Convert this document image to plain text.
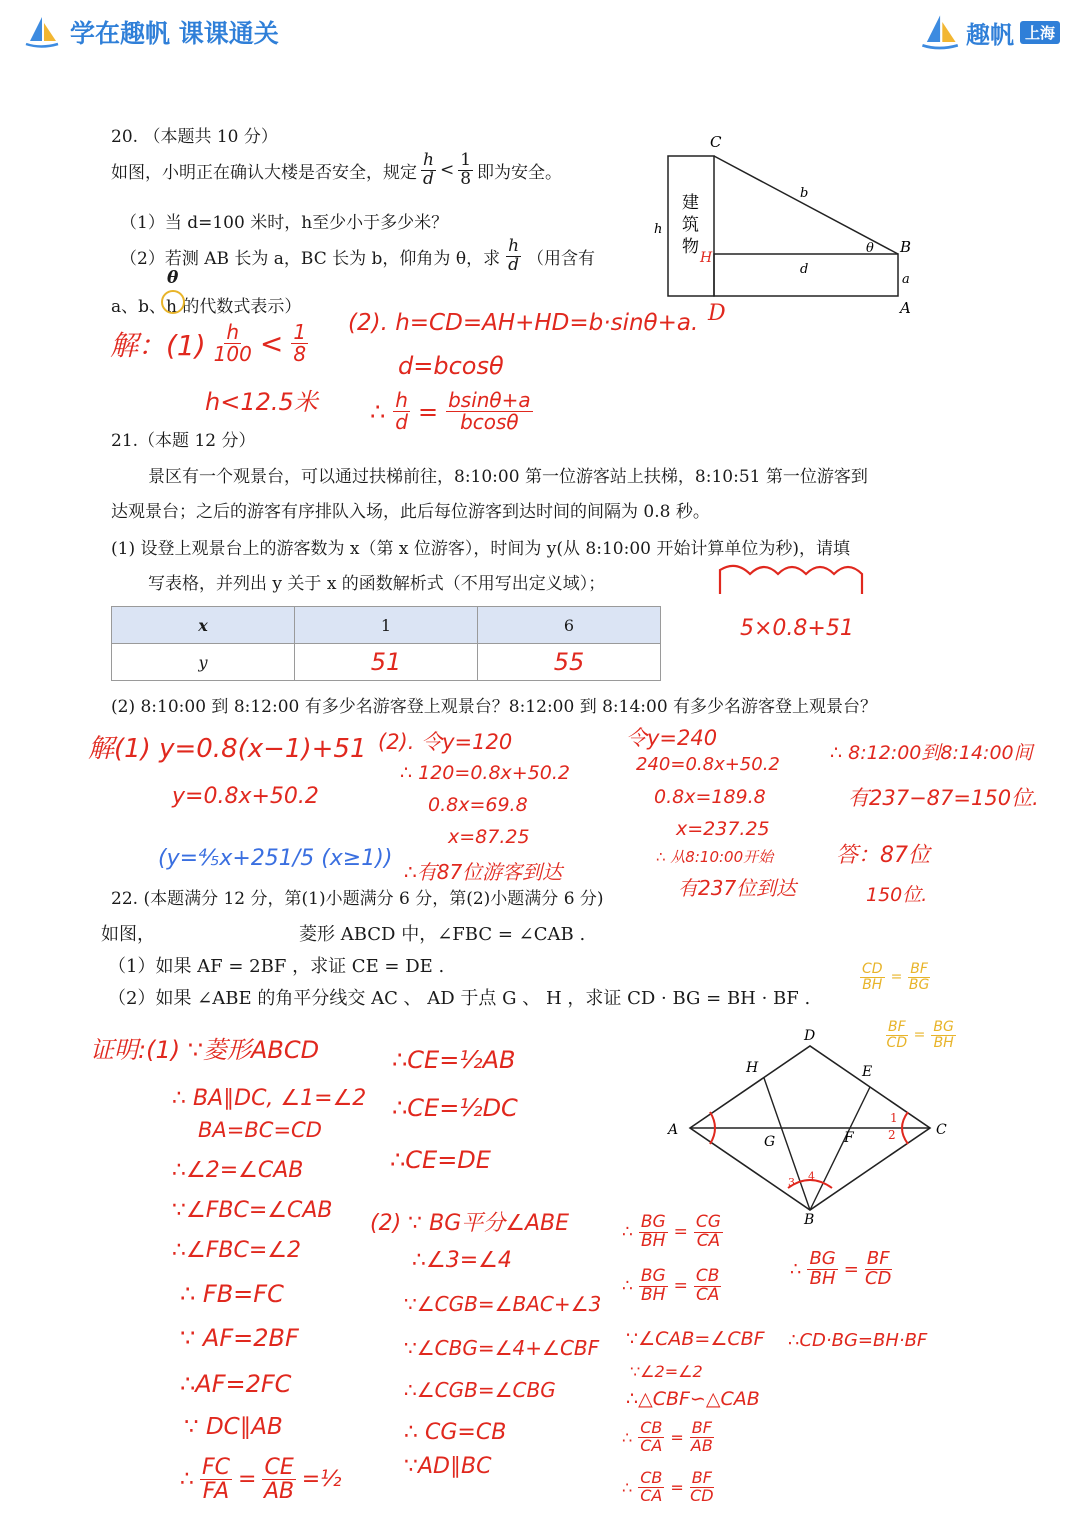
学在趣帆 课课通关	趣帆 上海
20. （本题共 10 分）
如图，小明正在确认大楼是否安全，规定 $\frac{h}{d} < \frac{1}{8}$ 即为安全。
（1）当 d=100 米时，h至少小于多少米？
（2）若测 AB 长为 a，BC 长为 b，仰角为 θ，求 $\frac{h}{d}$ （用含有
a、b、h 的代数式表示）
C
b
h
建
筑
物	θ B
d
a
A
H
D
θ
解：$(1) \frac{h}{100} < \frac{1}{8}$
h<12.5米
(2). h=CD=AH+HD=b·sinθ+a.
d=bcosθ
∴ $\frac{h}{d} = \frac{bsin\theta+a}{bcos\theta}$
21.（本题 12 分）
景区有一个观景台，可以通过扶梯前往，8:10:00 第一位游客站上扶梯，8:10:51 第一位游客到
达观景台；之后的游客有序排队入场，此后每位游客到达时间的间隔为 0.8 秒。
(1) 设登上观景台上的游客数为 x（第 x 位游客），时间为 y(从 8:10:00 开始计算单位为秒)，请填
写表格，并列出 y 关于 x 的函数解析式（不用写出定义域）；
x	1	6
y	51	55
5×0.8+51
(2) 8:10:00 到 8:12:00 有多少名游客登上观景台？8:12:00 到 8:14:00 有多少名游客登上观景台？
解(1) y=0.8(x−1)+51
y=0.8x+50.2
(y=⅘x+251/5 (x≥1))
(2). 令y=120
∴ 120=0.8x+50.2
0.8x=69.8
x=87.25
∴有87位游客到达
令y=240
240=0.8x+50.2
0.8x=189.8
x=237.25
∴ 从8:10:00开始
有237位到达
∴ 8:12:00到8:14:00间
有237−87=150位.
答：87位
150位.
22. (本题满分 12 分，第(1)小题满分 6 分，第(2)小题满分 6 分)
如图，	菱形 ABCD 中，∠FBC = ∠CAB .
（1）如果 AF = 2BF ，求证 CE = DE .
（2）如果 ∠ABE 的角平分线交 AC 、 AD 于点 G 、 H ，求证 CD · BG = BH · BF .
$\frac{CD}{BH} = \frac{BF}{BG}$
$\frac{BF}{CD} = \frac{BG}{BH}$
D
H	E
A
G	F	C
B
1
2
3 4
证明:(1) ∵菱形ABCD
∴ BA∥DC, ∠1=∠2
BA=BC=CD
∴∠2=∠CAB
∵∠FBC=∠CAB
∴∠FBC=∠2
∴ FB=FC
∵ AF=2BF
∴AF=2FC
∵ DC∥AB
∴ $\frac{FC}{FA} = \frac{CE}{AB}$ =½
∴CE=½AB
∴CE=½DC
∴CE=DE
(2) ∵ BG平分∠ABE
∴∠3=∠4
∵∠CGB=∠BAC+∠3
∵∠CBG=∠4+∠CBF
∴∠CGB=∠CBG
∴ CG=CB
∵AD∥BC
∴ $\frac{BG}{BH} = \frac{CG}{CA}$
∴ $\frac{BG}{BH} = \frac{CB}{CA}$
∵∠CAB=∠CBF
∵∠2=∠2
∴△CBF∽△CAB
∴ $\frac{CB}{CA} = \frac{BF}{AB}$
∴ $\frac{CB}{CA} = \frac{BF}{CD}$
∴ $\frac{BG}{BH} = \frac{BF}{CD}$
∴CD·BG=BH·BF
